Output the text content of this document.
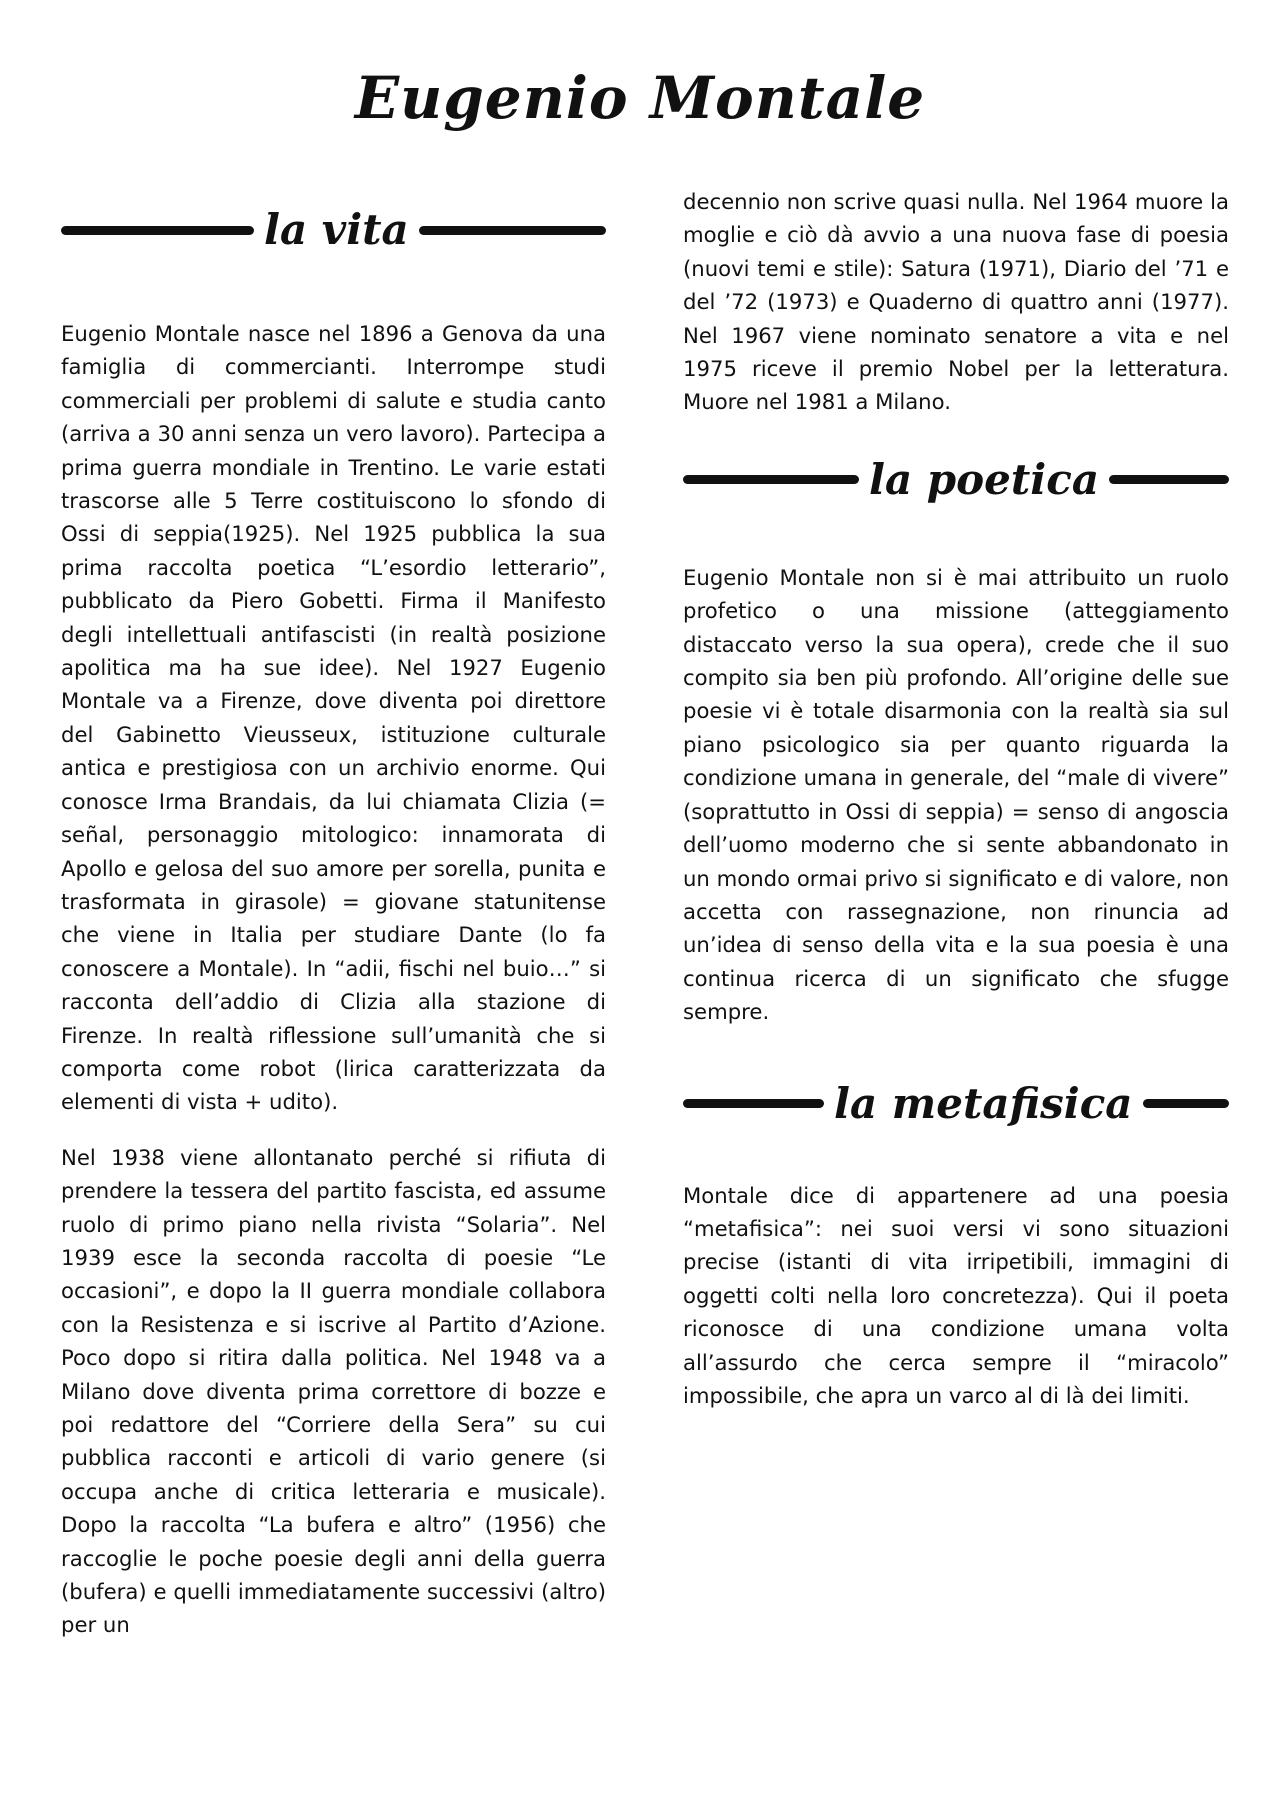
Eugenio Montale
la vita

Eugenio Montale nasce nel 1896 a Genova da una famiglia di commercianti. Interrompe studi commerciali per problemi di salute e studia canto (arriva a 30 anni senza un vero lavoro). Partecipa a prima guerra mondiale in Trentino. Le varie estati trascorse alle 5 Terre costituiscono lo sfondo di Ossi di seppia(1925). Nel 1925 pubblica la sua prima raccolta poetica “L’esordio letterario”, pubblicato da Piero Gobetti. Firma il Manifesto degli intellettuali antifascisti (in realtà posizione apolitica ma ha sue idee). Nel 1927 Eugenio Montale va a Firenze, dove diventa poi direttore del Gabinetto Vieusseux, istituzione culturale antica e prestigiosa con un archivio enorme. Qui conosce Irma Brandais, da lui chiamata Clizia (= señal, personaggio mitologico: innamorata di Apollo e gelosa del suo amore per sorella, punita e trasformata in girasole) = giovane statunitense che viene in Italia per studiare Dante (lo fa conoscere a Montale). In “adii, fischi nel buio…” si racconta dell’addio di Clizia alla stazione di Firenze. In realtà riflessione sull’umanità che si comporta come robot (lirica caratterizzata da elementi di vista + udito).

Nel 1938 viene allontanato perché si rifiuta di prendere la tessera del partito fascista, ed assume ruolo di primo piano nella rivista “Solaria”. Nel 1939 esce la seconda raccolta di poesie “Le occasioni”, e dopo la II guerra mondiale collabora con la Resistenza e si iscrive al Partito d’Azione. Poco dopo si ritira dalla politica. Nel 1948 va a Milano dove diventa prima correttore di bozze e poi redattore del “Corriere della Sera” su cui pubblica racconti e articoli di vario genere (si occupa anche di critica letteraria e musicale). Dopo la raccolta “La bufera e altro” (1956) che raccoglie le poche poesie degli anni della guerra (bufera) e quelli immediatamente successivi (altro) per un

decennio non scrive quasi nulla. Nel 1964 muore la moglie e ciò dà avvio a una nuova fase di poesia (nuovi temi e stile): Satura (1971), Diario del ’71 e del ’72 (1973) e Quaderno di quattro anni (1977). Nel 1967 viene nominato senatore a vita e nel 1975 riceve il premio Nobel per la letteratura. Muore nel 1981 a Milano.

la poetica

Eugenio Montale non si è mai attribuito un ruolo profetico o una missione (atteggiamento distaccato verso la sua opera), crede che il suo compito sia ben più profondo. All’origine delle sue poesie vi è totale disarmonia con la realtà sia sul piano psicologico sia per quanto riguarda la condizione umana in generale, del “male di vivere” (soprattutto in Ossi di seppia) = senso di angoscia dell’uomo moderno che si sente abbandonato in un mondo ormai privo si significato e di valore, non accetta con rassegnazione, non rinuncia ad un’idea di senso della vita e la sua poesia è una continua ricerca di un significato che sfugge sempre.

la metafisica

Montale dice di appartenere ad una poesia “metafisica”: nei suoi versi vi sono situazioni precise (istanti di vita irripetibili, immagini di oggetti colti nella loro concretezza). Qui il poeta riconosce di una condizione umana volta all’assurdo che cerca sempre il “miracolo” impossibile, che apra un varco al di là dei limiti.
